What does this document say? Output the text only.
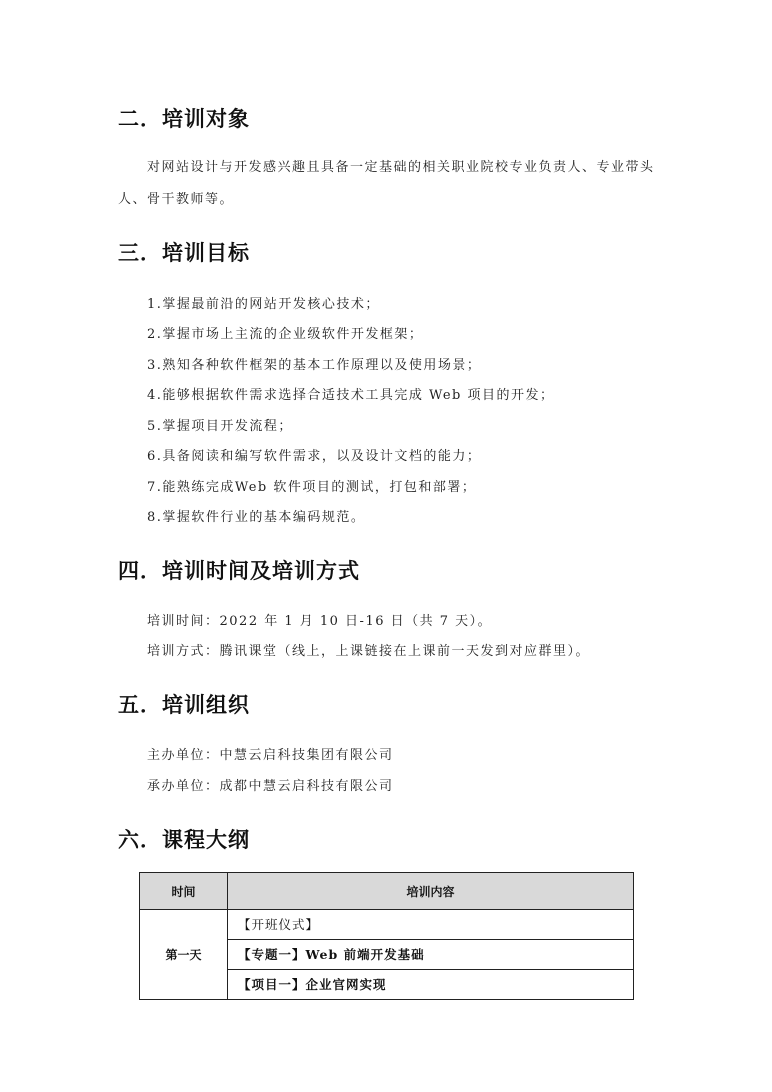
二．培训对象

对网站设计与开发感兴趣且具备一定基础的相关职业院校专业负责人、专业带头

人、骨干教师等。

三．培训目标

1.掌握最前沿的网站开发核心技术；

2.掌握市场上主流的企业级软件开发框架；

3.熟知各种软件框架的基本工作原理以及使用场景；

4.能够根据软件需求选择合适技术工具完成 Web 项目的开发；

5.掌握项目开发流程；

6.具备阅读和编写软件需求，以及设计文档的能力；

7.能熟练完成Web 软件项目的测试，打包和部署；

8.掌握软件行业的基本编码规范。

四．培训时间及培训方式

培训时间：2022 年 1 月 10 日-16 日（共 7 天）。

培训方式：腾讯课堂（线上，上课链接在上课前一天发到对应群里）。

五．培训组织

主办单位：中慧云启科技集团有限公司

承办单位：成都中慧云启科技有限公司

六．课程大纲
时间	培训内容
第一天	【开班仪式】
【专题一】Web 前端开发基础
【项目一】企业官网实现
